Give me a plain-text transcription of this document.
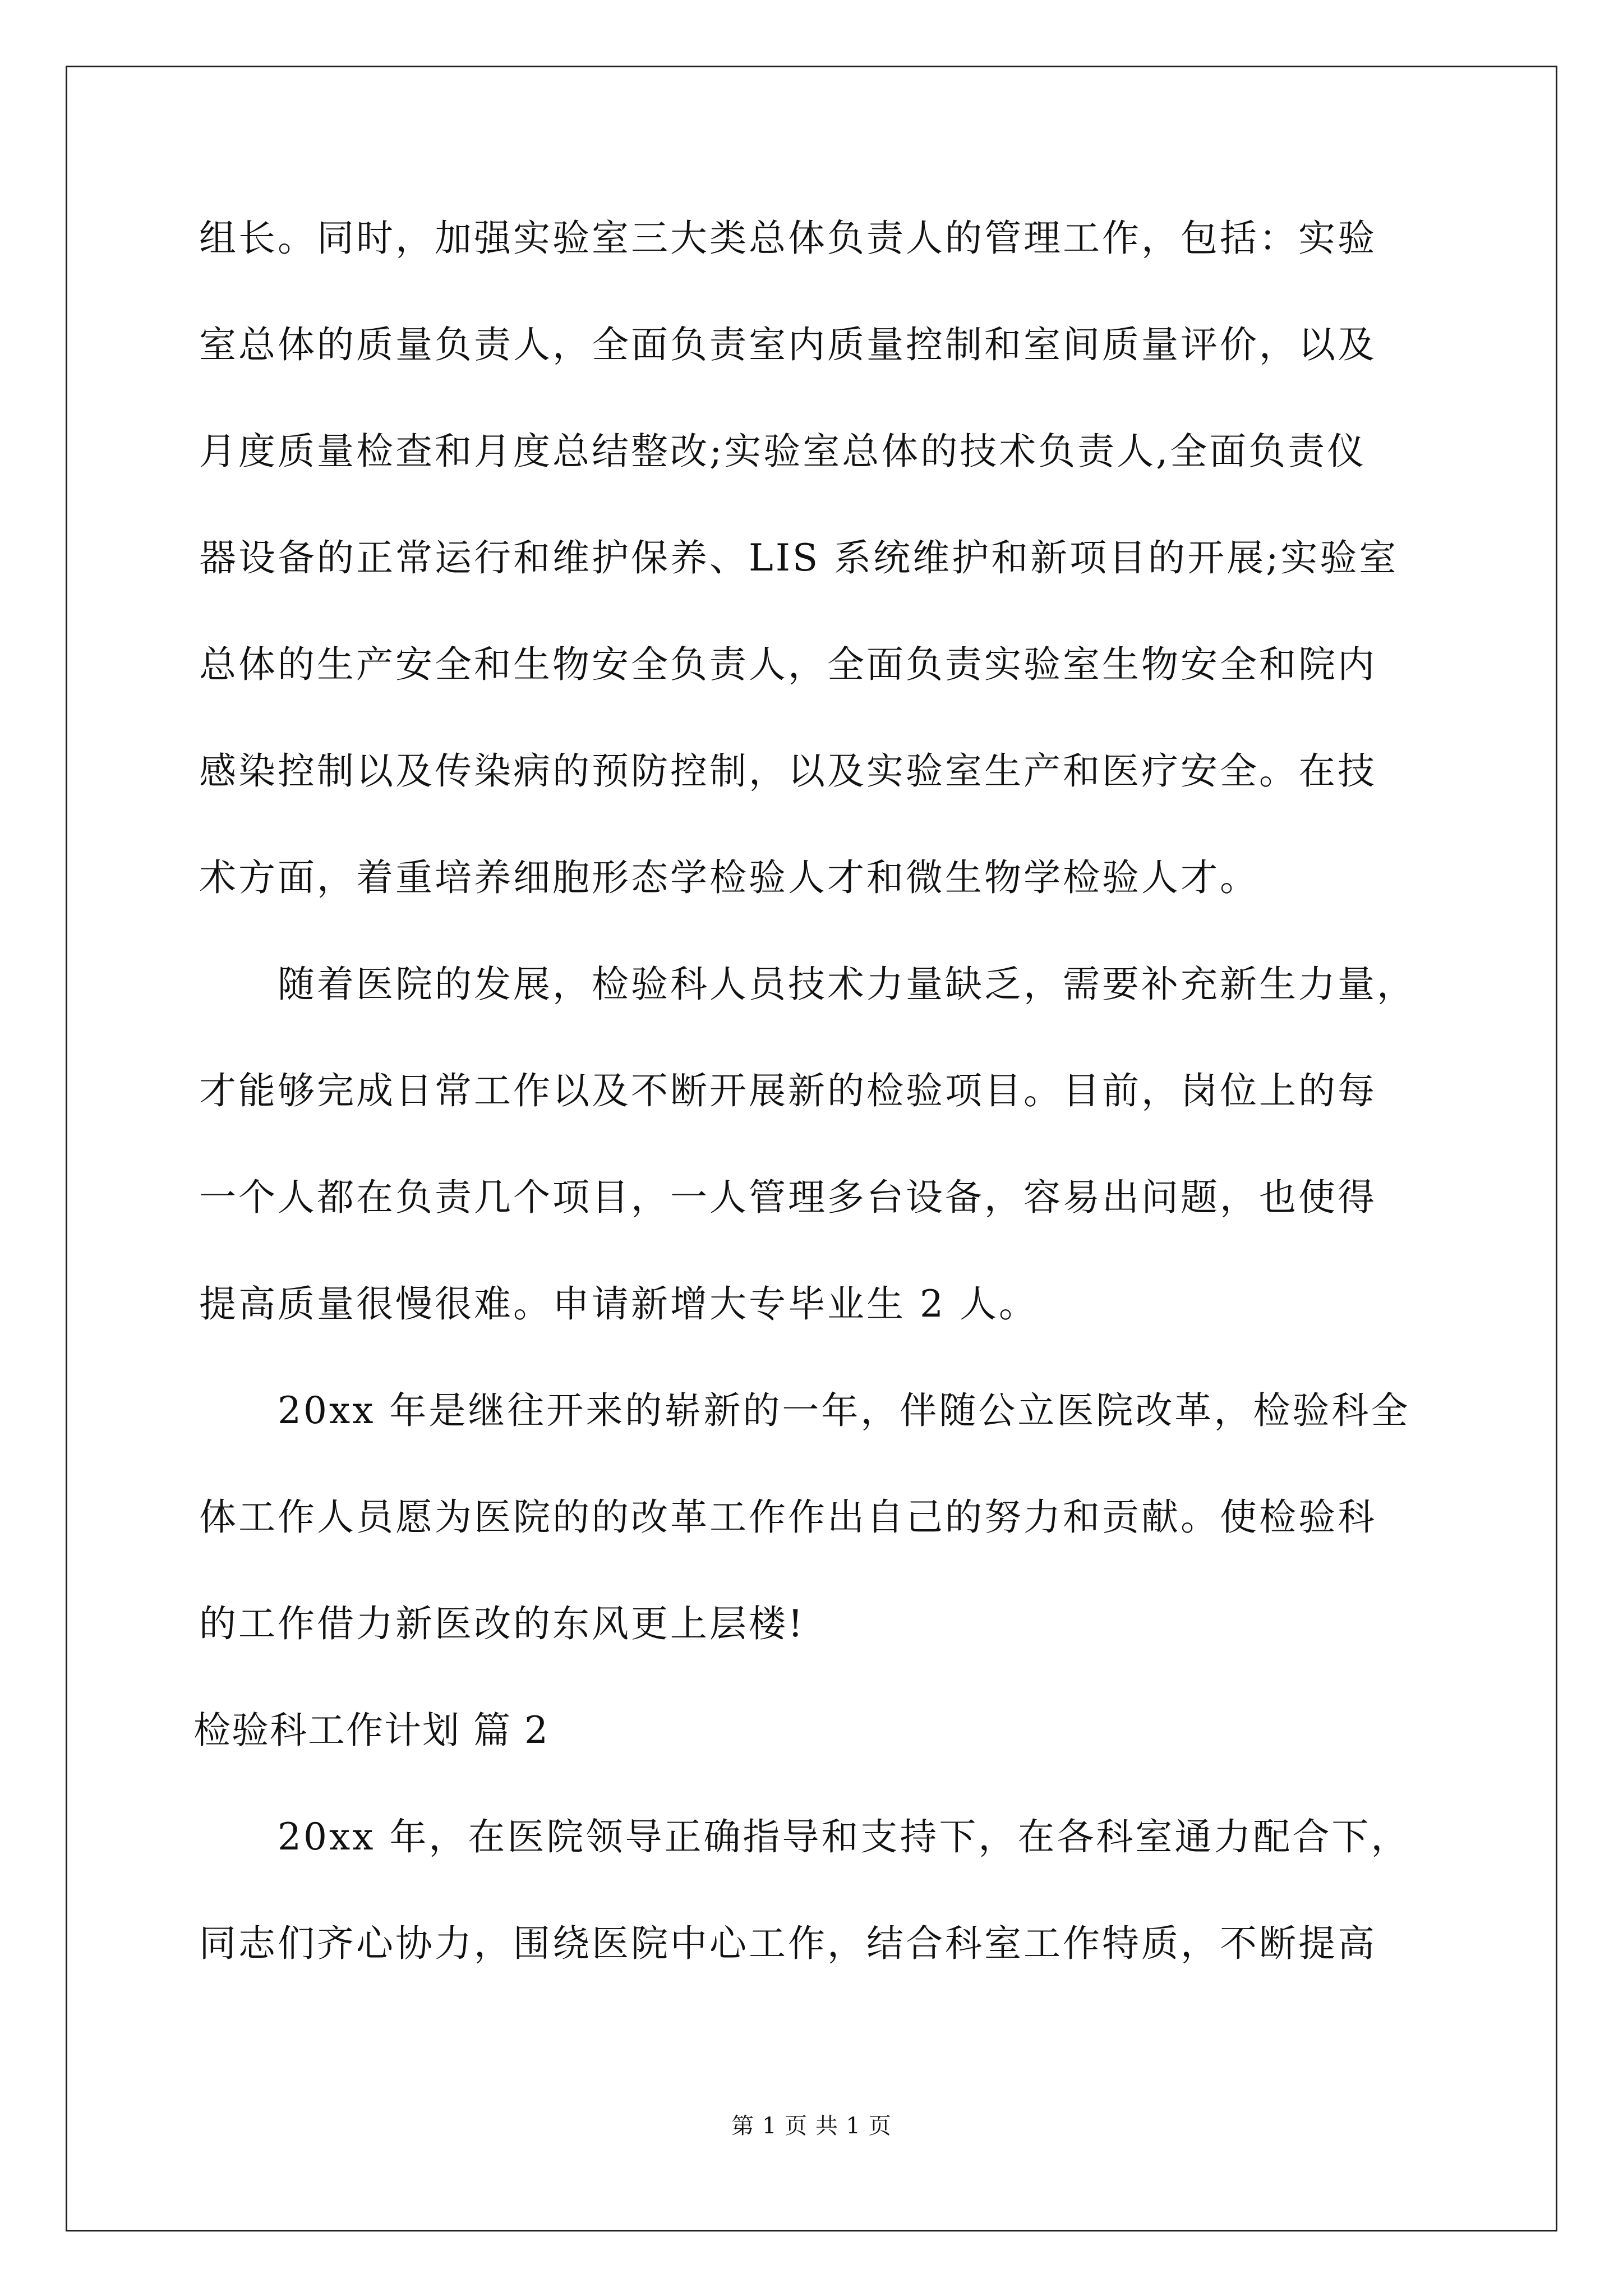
组长。同时，加强实验室三大类总体负责人的管理工作，包括：实验
室总体的质量负责人，全面负责室内质量控制和室间质量评价，以及
月度质量检查和月度总结整改;实验室总体的技术负责人,全面负责仪
器设备的正常运行和维护保养、LIS 系统维护和新项目的开展;实验室
总体的生产安全和生物安全负责人，全面负责实验室生物安全和院内
感染控制以及传染病的预防控制，以及实验室生产和医疗安全。在技
术方面，着重培养细胞形态学检验人才和微生物学检验人才。
随着医院的发展，检验科人员技术力量缺乏，需要补充新生力量，
才能够完成日常工作以及不断开展新的检验项目。目前，岗位上的每
一个人都在负责几个项目，一人管理多台设备，容易出问题，也使得
提高质量很慢很难。申请新增大专毕业生 2 人。
20xx 年是继往开来的崭新的一年，伴随公立医院改革，检验科全
体工作人员愿为医院的的改革工作作出自己的努力和贡献。使检验科
的工作借力新医改的东风更上层楼!
检验科工作计划 篇 2
20xx 年，在医院领导正确指导和支持下，在各科室通力配合下，
同志们齐心协力，围绕医院中心工作，结合科室工作特质，不断提高
第 1 页 共 1 页
